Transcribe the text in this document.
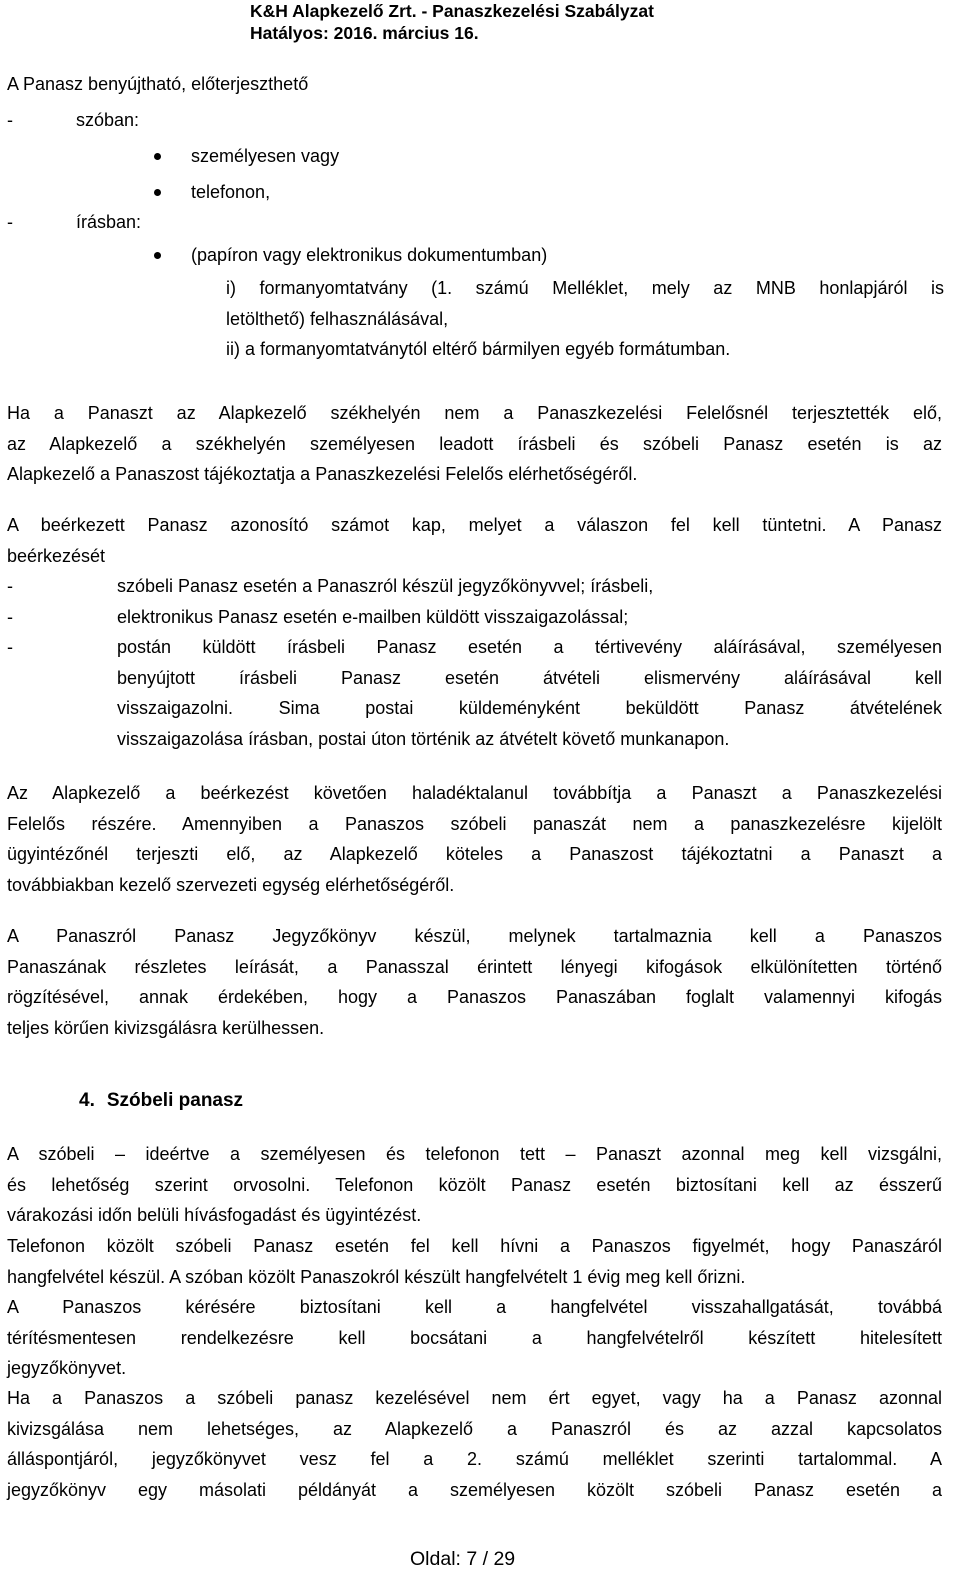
K&H Alapkezelő Zrt. - Panaszkezelési Szabályzat
Hatályos: 2016. március 16.
A Panasz benyújtható, előterjeszthető
-	szóban:
személyesen vagy
telefonon,
-	írásban:
(papíron vagy elektronikus dokumentumban)
i) formanyomtatvány (1. számú Melléklet, mely az MNB honlapjáról is
letölthető) felhasználásával,
ii) a formanyomtatványtól eltérő bármilyen egyéb formátumban.
Ha a Panaszt az Alapkezelő székhelyén nem a Panaszkezelési Felelősnél terjesztették elő,
az Alapkezelő a székhelyén személyesen leadott írásbeli és szóbeli Panasz esetén is az
Alapkezelő a Panaszost tájékoztatja a Panaszkezelési Felelős elérhetőségéről.
A beérkezett Panasz azonosító számot kap, melyet a válaszon fel kell tüntetni. A Panasz
beérkezését
-	szóbeli Panasz esetén a Panaszról készül jegyzőkönyvvel; írásbeli,
-	elektronikus Panasz esetén e-mailben küldött visszaigazolással;
-	postán küldött írásbeli Panasz esetén a tértivevény aláírásával, személyesen
benyújtott írásbeli Panasz esetén átvételi elismervény aláírásával kell
visszaigazolni. Sima postai küldeményként beküldött Panasz átvételének
visszaigazolása írásban, postai úton történik az átvételt követő munkanapon.
Az Alapkezelő a beérkezést követően haladéktalanul továbbítja a Panaszt a Panaszkezelési
Felelős részére. Amennyiben a Panaszos szóbeli panaszát nem a panaszkezelésre kijelölt
ügyintézőnél terjeszti elő, az Alapkezelő köteles a Panaszost tájékoztatni a Panaszt a
továbbiakban kezelő szervezeti egység elérhetőségéről.
A Panaszról Panasz Jegyzőkönyv készül, melynek tartalmaznia kell a Panaszos
Panaszának részletes leírását, a Panasszal érintett lényegi kifogások elkülönítetten történő
rögzítésével, annak érdekében, hogy a Panaszos Panaszában foglalt valamennyi kifogás
teljes körűen kivizsgálásra kerülhessen.
4. Szóbeli panasz
A szóbeli – ideértve a személyesen és telefonon tett – Panaszt azonnal meg kell vizsgálni,
és lehetőség szerint orvosolni. Telefonon közölt Panasz esetén biztosítani kell az ésszerű
várakozási időn belüli hívásfogadást és ügyintézést.
Telefonon közölt szóbeli Panasz esetén fel kell hívni a Panaszos figyelmét, hogy Panaszáról
hangfelvétel készül. A szóban közölt Panaszokról készült hangfelvételt 1 évig meg kell őrizni.
A Panaszos kérésére biztosítani kell a hangfelvétel visszahallgatását, továbbá
térítésmentesen rendelkezésre kell bocsátani a hangfelvételről készített hitelesített
jegyzőkönyvet.
Ha a Panaszos a szóbeli panasz kezelésével nem ért egyet, vagy ha a Panasz azonnal
kivizsgálása nem lehetséges, az Alapkezelő a Panaszról és az azzal kapcsolatos
álláspontjáról, jegyzőkönyvet vesz fel a 2. számú melléklet szerinti tartalommal. A
jegyzőkönyv egy másolati példányát a személyesen közölt szóbeli Panasz esetén a
Oldal: 7 / 29
